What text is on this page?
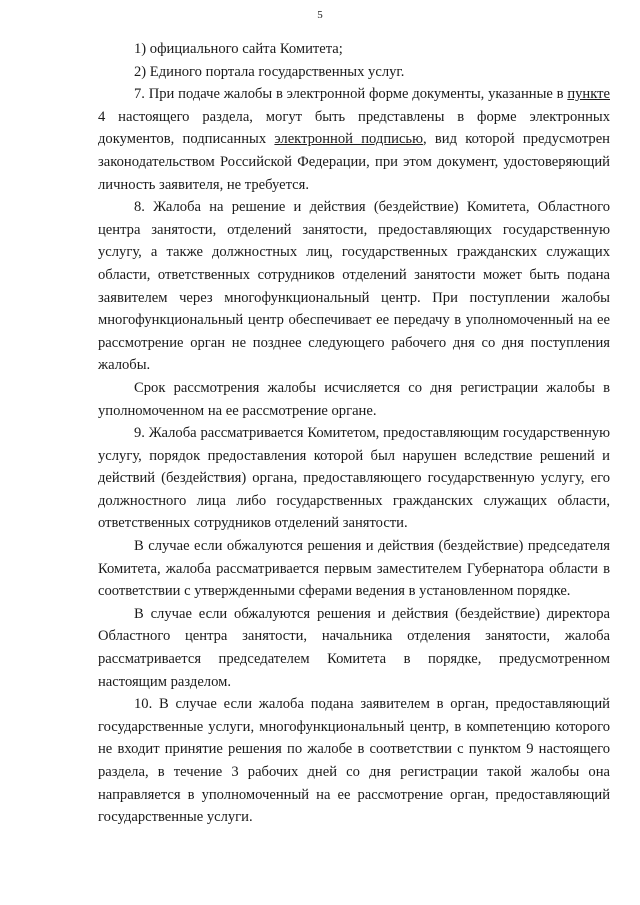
5

1) официального сайта Комитета;

2) Единого портала государственных услуг.

7. При подаче жалобы в электронной форме документы, указанные в пункте 4 настоящего раздела, могут быть представлены в форме электронных документов, подписанных электронной подписью, вид которой предусмотрен законодательством Российской Федерации, при этом документ, удостоверяющий личность заявителя, не требуется.

8. Жалоба на решение и действия (бездействие) Комитета, Областного центра занятости, отделений занятости, предоставляющих государственную услугу, а также должностных лиц, государственных гражданских служащих области, ответственных сотрудников отделений занятости может быть подана заявителем через многофункциональный центр. При поступлении жалобы многофункциональный центр обеспечивает ее передачу в уполномоченный на ее рассмотрение орган не позднее следующего рабочего дня со дня поступления жалобы.

Срок рассмотрения жалобы исчисляется со дня регистрации жалобы в уполномоченном на ее рассмотрение органе.

9. Жалоба рассматривается Комитетом, предоставляющим государственную услугу, порядок предоставления которой был нарушен вследствие решений и действий (бездействия) органа, предоставляющего государственную услугу, его должностного лица либо государственных гражданских служащих области, ответственных сотрудников отделений занятости.

В случае если обжалуются решения и действия (бездействие) председателя Комитета, жалоба рассматривается первым заместителем Губернатора области в соответствии с утвержденными сферами ведения в установленном порядке.

В случае если обжалуются решения и действия (бездействие) директора Областного центра занятости, начальника отделения занятости, жалоба рассматривается председателем Комитета в порядке, предусмотренном настоящим разделом.

10. В случае если жалоба подана заявителем в орган, предоставляющий государственные услуги, многофункциональный центр, в компетенцию которого не входит принятие решения по жалобе в соответствии с пунктом 9 настоящего раздела, в течение 3 рабочих дней со дня регистрации такой жалобы она направляется в уполномоченный на ее рассмотрение орган, предоставляющий государственные услуги.
